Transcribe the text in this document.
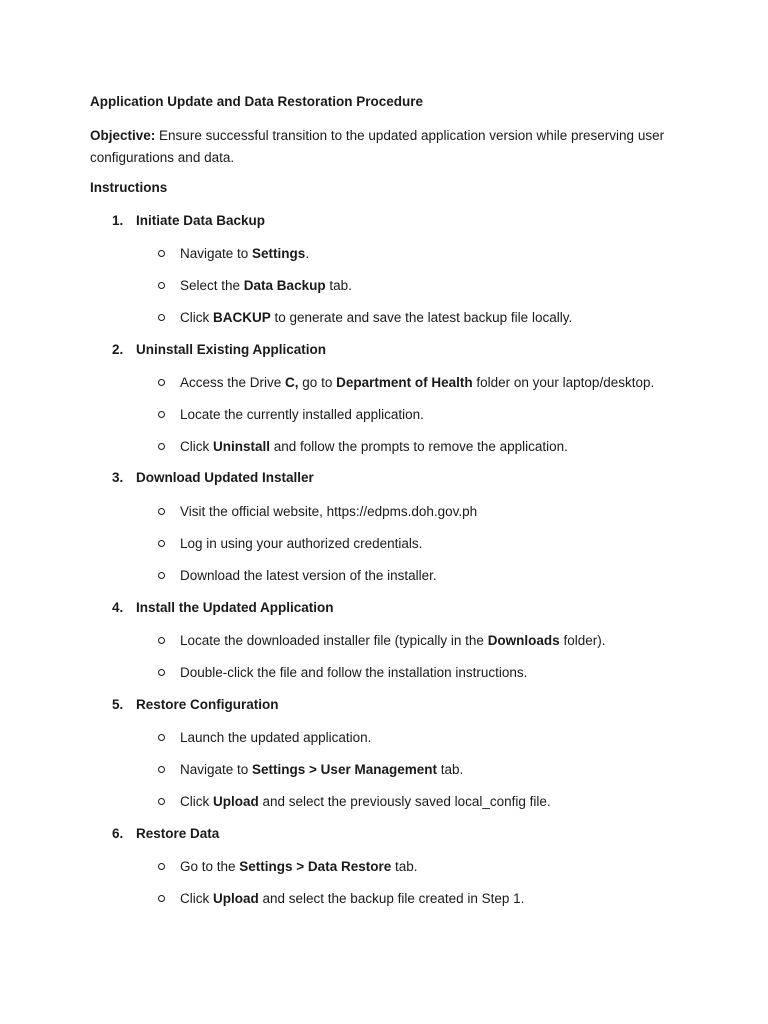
Application Update and Data Restoration Procedure
Objective: Ensure successful transition to the updated application version while preserving user configurations and data.
Instructions
1. Initiate Data Backup
Navigate to Settings.
Select the Data Backup tab.
Click BACKUP to generate and save the latest backup file locally.
2. Uninstall Existing Application
Access the Drive C, go to Department of Health folder on your laptop/desktop.
Locate the currently installed application.
Click Uninstall and follow the prompts to remove the application.
3. Download Updated Installer
Visit the official website, https://edpms.doh.gov.ph
Log in using your authorized credentials.
Download the latest version of the installer.
4. Install the Updated Application
Locate the downloaded installer file (typically in the Downloads folder).
Double-click the file and follow the installation instructions.
5. Restore Configuration
Launch the updated application.
Navigate to Settings > User Management tab.
Click Upload and select the previously saved local_config file.
6. Restore Data
Go to the Settings > Data Restore tab.
Click Upload and select the backup file created in Step 1.
